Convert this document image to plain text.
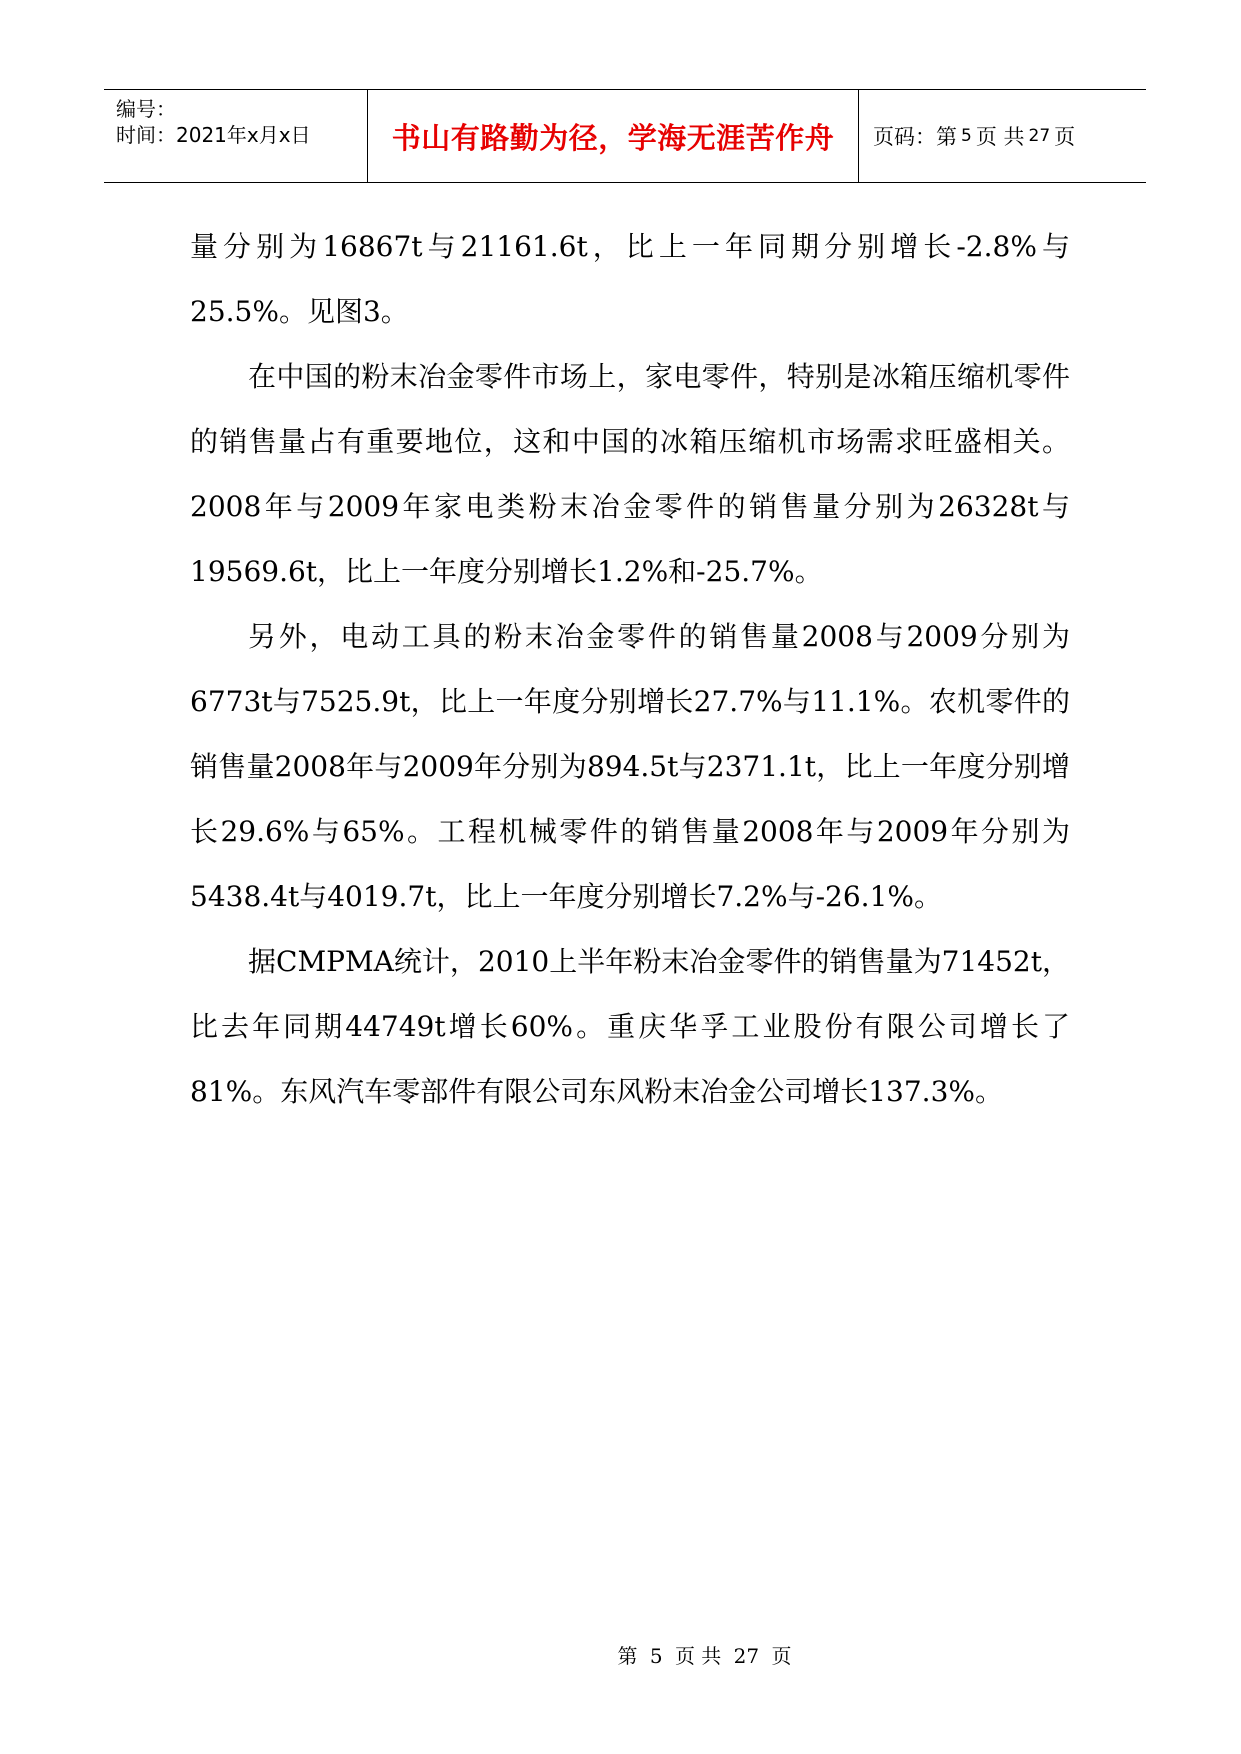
编号：
时间：2021年x月x日	书山有路勤为径，学海无涯苦作舟 页码：第 5 页 共 27 页

量分别为16867t与21161.6t，比上一年同期分别增长-2.8%与25.5%。见图3。

在中国的粉末冶金零件市场上，家电零件，特别是冰箱压缩机零件的销售量占有重要地位，这和中国的冰箱压缩机市场需求旺盛相关。2008年与2009年家电类粉末冶金零件的销售量分别为26328t与19569.6t，比上一年度分别增长1.2%和-25.7%。

另外，电动工具的粉末冶金零件的销售量2008与2009分别为6773t与7525.9t，比上一年度分别增长27.7%与11.1%。农机零件的销售量2008年与2009年分别为894.5t与2371.1t，比上一年度分别增长29.6%与65%。工程机械零件的销售量2008年与2009年分别为5438.4t与4019.7t，比上一年度分别增长7.2%与-26.1%。

据CMPMA统计，2010上半年粉末冶金零件的销售量为71452t，比去年同期44749t增长60%。重庆华孚工业股份有限公司增长了81%。东风汽车零部件有限公司东风粉末冶金公司增长137.3%。

第 5 页 共 27 页
